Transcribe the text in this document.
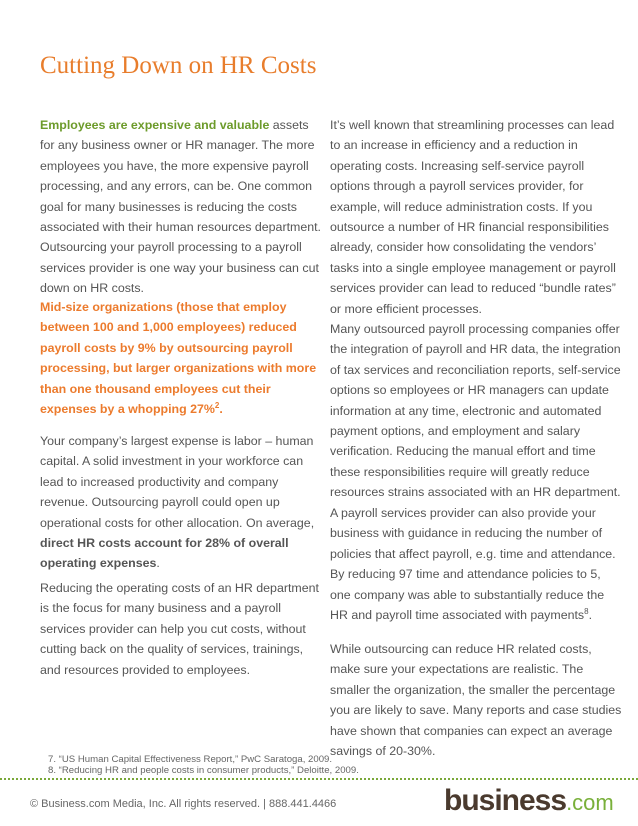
Cutting Down on HR Costs
Employees are expensive and valuable assets
for any business owner or HR manager. The more
employees you have, the more expensive payroll
processing, and any errors, can be. One common
goal for many businesses is reducing the costs
associated with their human resources department.
Outsourcing your payroll processing to a payroll
services provider is one way your business can cut
down on HR costs.
Mid-size organizations (those that employ
between 100 and 1,000 employees) reduced
payroll costs by 9% by outsourcing payroll
processing, but larger organizations with more
than one thousand employees cut their
expenses by a whopping 27%$^2$.
Your company’s largest expense is labor – human
capital. A solid investment in your workforce can
lead to increased productivity and company
revenue. Outsourcing payroll could open up
operational costs for other allocation. On average,
direct HR costs account for 28% of overall
operating expenses.
Reducing the operating costs of an HR department
is the focus for many business and a payroll
services provider can help you cut costs, without
cutting back on the quality of services, trainings,
and resources provided to employees.
It’s well known that streamlining processes can lead
to an increase in efficiency and a reduction in
operating costs. Increasing self-service payroll
options through a payroll services provider, for
example, will reduce administration costs. If you
outsource a number of HR financial responsibilities
already, consider how consolidating the vendors’
tasks into a single employee management or payroll
services provider can lead to reduced “bundle rates”
or more efficient processes.
Many outsourced payroll processing companies offer
the integration of payroll and HR data, the integration
of tax services and reconciliation reports, self-service
options so employees or HR managers can update
information at any time, electronic and automated
payment options, and employment and salary
verification. Reducing the manual effort and time
these responsibilities require will greatly reduce
resources strains associated with an HR department.
A payroll services provider can also provide your
business with guidance in reducing the number of
policies that affect payroll, e.g. time and attendance.
By reducing 97 time and attendance policies to 5,
one company was able to substantially reduce the
HR and payroll time associated with payments$^8$.
While outsourcing can reduce HR related costs,
make sure your expectations are realistic. The
smaller the organization, the smaller the percentage
you are likely to save. Many reports and case studies
have shown that companies can expect an average
savings of 20-30%.
7. “US Human Capital Effectiveness Report,” PwC Saratoga, 2009.
8. “Reducing HR and people costs in consumer products,” Deloitte, 2009.
© Business.com Media, Inc. All rights reserved. | 888.441.4466	business.com
